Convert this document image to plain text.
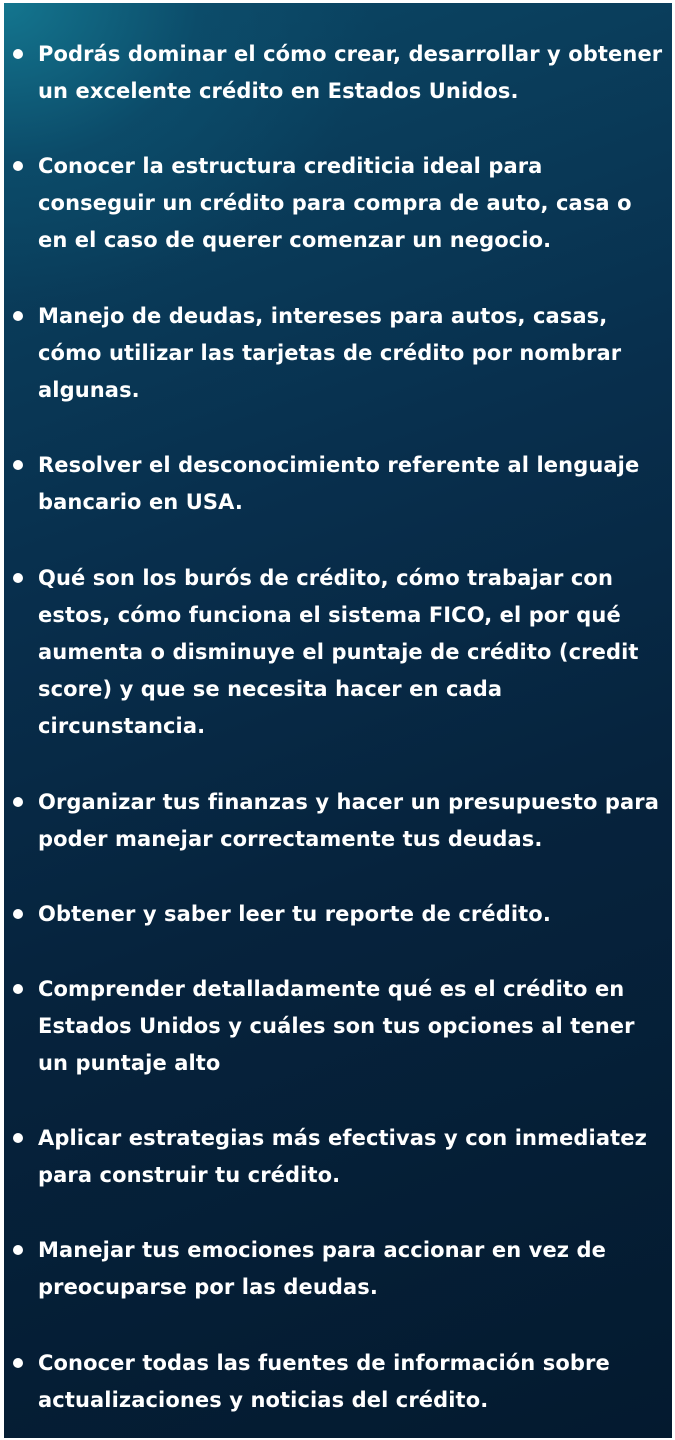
Podrás dominar el cómo crear, desarrollar y obtener un excelente crédito en Estados Unidos.

Conocer la estructura crediticia ideal para conseguir un crédito para compra de auto, casa o en el caso de querer comenzar un negocio.

Manejo de deudas, intereses para autos, casas, cómo utilizar las tarjetas de crédito por nombrar algunas.

Resolver el desconocimiento referente al lenguaje bancario en USA.

Qué son los burós de crédito, cómo trabajar con estos, cómo funciona el sistema FICO, el por qué aumenta o disminuye el puntaje de crédito (credit score) y que se necesita hacer en cada circunstancia.

Organizar tus finanzas y hacer un presupuesto para poder manejar correctamente tus deudas.

Obtener y saber leer tu reporte de crédito.

Comprender detalladamente qué es el crédito en Estados Unidos y cuáles son tus opciones al tener un puntaje alto

Aplicar estrategias más efectivas y con inmediatez para construir tu crédito.

Manejar tus emociones para accionar en vez de preocuparse por las deudas.

Conocer todas las fuentes de información sobre actualizaciones y noticias del crédito.
